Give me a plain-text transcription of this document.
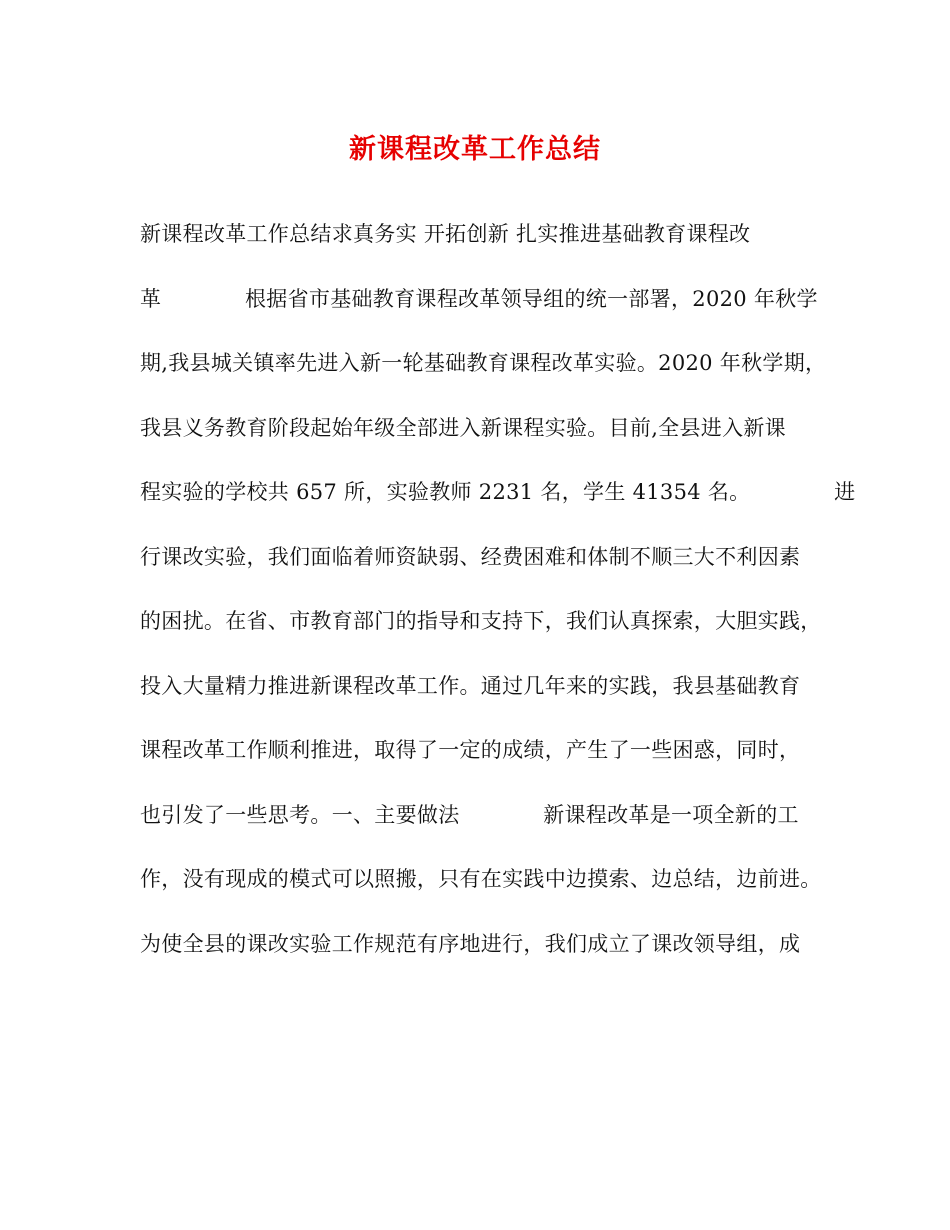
新课程改革工作总结
新课程改革工作总结求真务实 开拓创新 扎实推进基础教育课程改
革            根据省市基础教育课程改革领导组的统一部署，2020 年秋学
期,我县城关镇率先进入新一轮基础教育课程改革实验。2020 年秋学期，
我县义务教育阶段起始年级全部进入新课程实验。目前,全县进入新课
程实验的学校共 657 所，实验教师 2231 名，学生 41354 名。            进
行课改实验，我们面临着师资缺弱、经费困难和体制不顺三大不利因素
的困扰。在省、市教育部门的指导和支持下，我们认真探索，大胆实践，
投入大量精力推进新课程改革工作。通过几年来的实践，我县基础教育
课程改革工作顺利推进，取得了一定的成绩，产生了一些困惑，同时，
也引发了一些思考。一、主要做法            新课程改革是一项全新的工
作，没有现成的模式可以照搬，只有在实践中边摸索、边总结，边前进。
为使全县的课改实验工作规范有序地进行，我们成立了课改领导组，成
